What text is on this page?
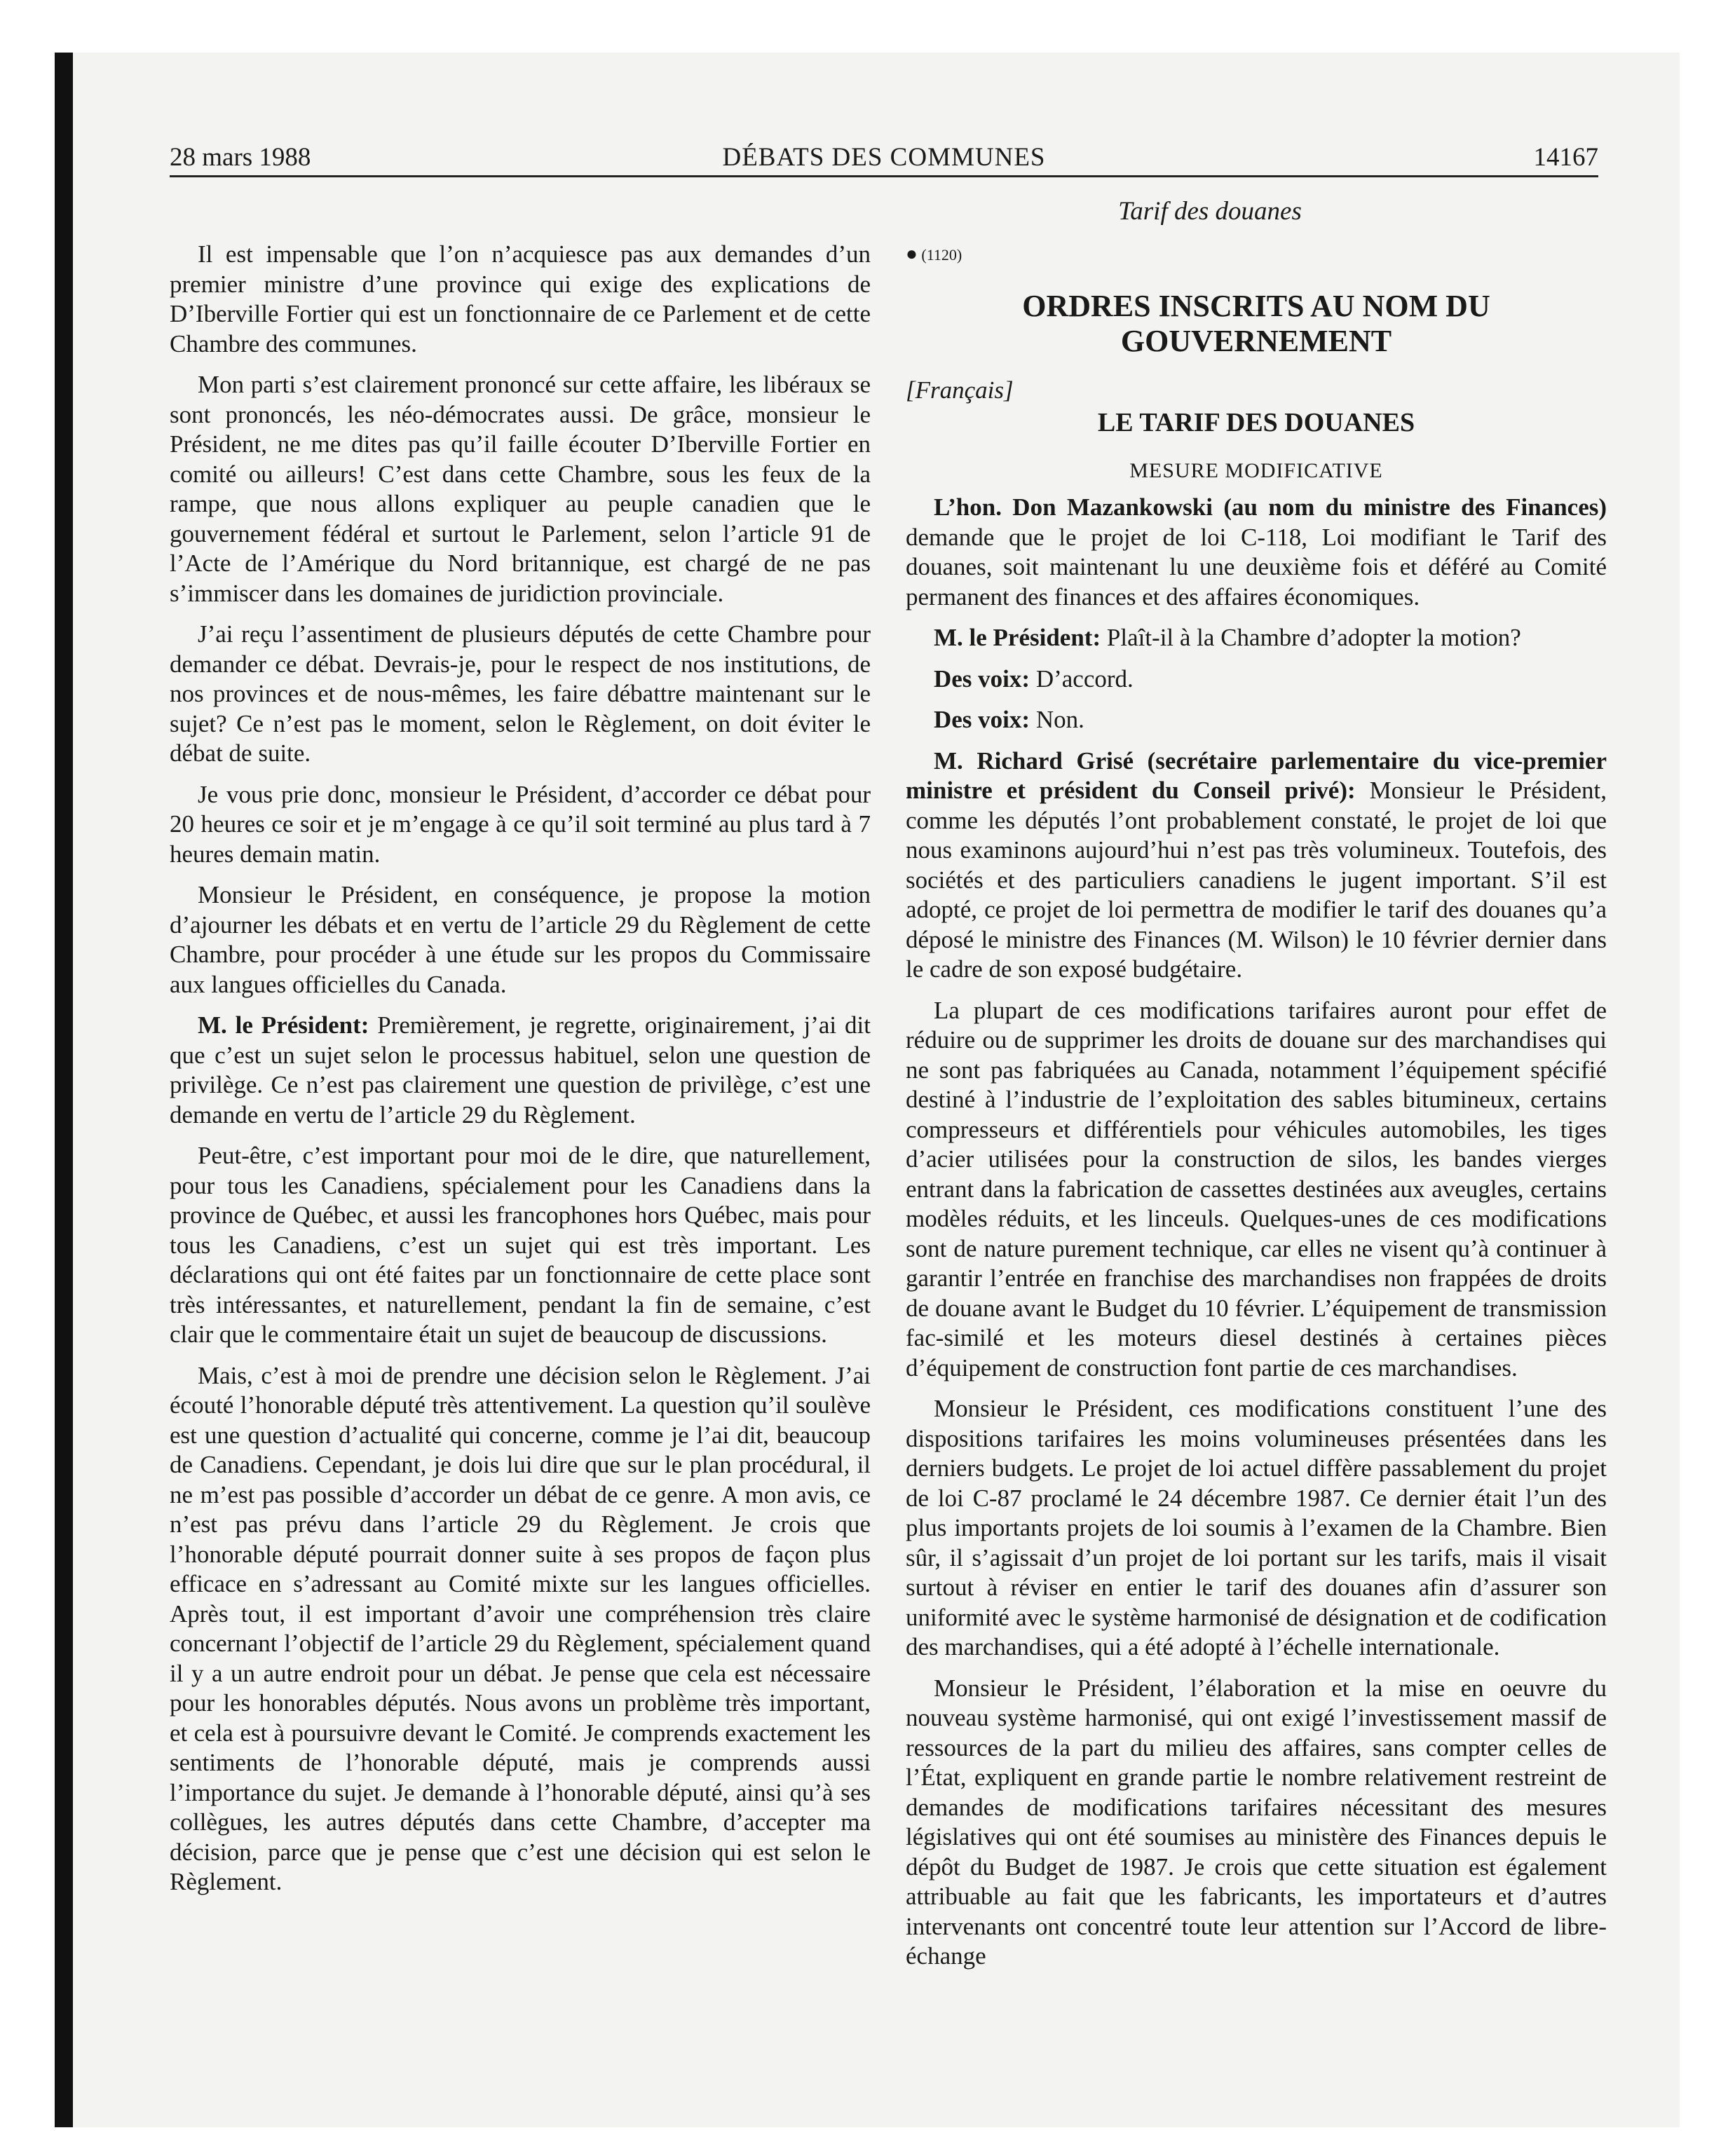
28 mars 1988	DÉBATS DES COMMUNES	14167
Tarif des douanes

Il est impensable que l’on n’acquiesce pas aux demandes d’un premier ministre d’une province qui exige des explications de D’Iberville Fortier qui est un fonctionnaire de ce Parlement et de cette Chambre des communes.

Mon parti s’est clairement prononcé sur cette affaire, les libéraux se sont prononcés, les néo-démocrates aussi. De grâce, monsieur le Président, ne me dites pas qu’il faille écouter D’Iberville Fortier en comité ou ailleurs! C’est dans cette Chambre, sous les feux de la rampe, que nous allons expliquer au peuple canadien que le gouvernement fédéral et surtout le Parlement, selon l’article 91 de l’Acte de l’Amérique du Nord britannique, est chargé de ne pas s’immiscer dans les domaines de juridiction provinciale.

J’ai reçu l’assentiment de plusieurs députés de cette Chambre pour demander ce débat. Devrais-je, pour le respect de nos institutions, de nos provinces et de nous-mêmes, les faire débattre maintenant sur le sujet? Ce n’est pas le moment, selon le Règlement, on doit éviter le débat de suite.

Je vous prie donc, monsieur le Président, d’accorder ce débat pour 20 heures ce soir et je m’engage à ce qu’il soit terminé au plus tard à 7 heures demain matin.

Monsieur le Président, en conséquence, je propose la motion d’ajourner les débats et en vertu de l’article 29 du Règlement de cette Chambre, pour procéder à une étude sur les propos du Commissaire aux langues officielles du Canada.

M. le Président: Premièrement, je regrette, originairement, j’ai dit que c’est un sujet selon le processus habituel, selon une question de privilège. Ce n’est pas clairement une question de privilège, c’est une demande en vertu de l’article 29 du Règlement.

Peut-être, c’est important pour moi de le dire, que naturellement, pour tous les Canadiens, spécialement pour les Canadiens dans la province de Québec, et aussi les francophones hors Québec, mais pour tous les Canadiens, c’est un sujet qui est très important. Les déclarations qui ont été faites par un fonctionnaire de cette place sont très intéressantes, et naturellement, pendant la fin de semaine, c’est clair que le commentaire était un sujet de beaucoup de discussions.

Mais, c’est à moi de prendre une décision selon le Règlement. J’ai écouté l’honorable député très attentivement. La question qu’il soulève est une question d’actualité qui concerne, comme je l’ai dit, beaucoup de Canadiens. Cependant, je dois lui dire que sur le plan procédural, il ne m’est pas possible d’accorder un débat de ce genre. A mon avis, ce n’est pas prévu dans l’article 29 du Règlement. Je crois que l’honorable député pourrait donner suite à ses propos de façon plus efficace en s’adressant au Comité mixte sur les langues officielles. Après tout, il est important d’avoir une compréhension très claire concernant l’objectif de l’article 29 du Règlement, spécialement quand il y a un autre endroit pour un débat. Je pense que cela est nécessaire pour les honorables députés. Nous avons un problème très important, et cela est à poursuivre devant le Comité. Je comprends exactement les sentiments de l’honorable député, mais je comprends aussi l’importance du sujet. Je demande à l’honorable député, ainsi qu’à ses collègues, les autres députés dans cette Chambre, d’accepter ma décision, parce que je pense que c’est une décision qui est selon le Règlement.

● (1120)
ORDRES INSCRITS AU NOM DU GOUVERNEMENT
[Français]
LE TARIF DES DOUANES
MESURE MODIFICATIVE

L’hon. Don Mazankowski (au nom du ministre des Finances) demande que le projet de loi C-118, Loi modifiant le Tarif des douanes, soit maintenant lu une deuxième fois et déféré au Comité permanent des finances et des affaires économiques.

M. le Président: Plaît-il à la Chambre d’adopter la motion?

Des voix: D’accord.

Des voix: Non.

M. Richard Grisé (secrétaire parlementaire du vice-premier ministre et président du Conseil privé): Monsieur le Président, comme les députés l’ont probablement constaté, le projet de loi que nous examinons aujourd’hui n’est pas très volumineux. Toutefois, des sociétés et des particuliers canadiens le jugent important. S’il est adopté, ce projet de loi permettra de modifier le tarif des douanes qu’a déposé le ministre des Finances (M. Wilson) le 10 février dernier dans le cadre de son exposé budgétaire.

La plupart de ces modifications tarifaires auront pour effet de réduire ou de supprimer les droits de douane sur des marchandises qui ne sont pas fabriquées au Canada, notamment l’équipement spécifié destiné à l’industrie de l’exploitation des sables bitumineux, certains compresseurs et différentiels pour véhicules automobiles, les tiges d’acier utilisées pour la construction de silos, les bandes vierges entrant dans la fabrication de cassettes destinées aux aveugles, certains modèles réduits, et les linceuls. Quelques-unes de ces modifications sont de nature purement technique, car elles ne visent qu’à continuer à garantir l’entrée en franchise des marchandises non frappées de droits de douane avant le Budget du 10 février. L’équipement de transmission fac-similé et les moteurs diesel destinés à certaines pièces d’équipement de construction font partie de ces marchandises.

Monsieur le Président, ces modifications constituent l’une des dispositions tarifaires les moins volumineuses présentées dans les derniers budgets. Le projet de loi actuel diffère passablement du projet de loi C-87 proclamé le 24 décembre 1987. Ce dernier était l’un des plus importants projets de loi soumis à l’examen de la Chambre. Bien sûr, il s’agissait d’un projet de loi portant sur les tarifs, mais il visait surtout à réviser en entier le tarif des douanes afin d’assurer son uniformité avec le système harmonisé de désignation et de codification des marchandises, qui a été adopté à l’échelle internationale.

Monsieur le Président, l’élaboration et la mise en oeuvre du nouveau système harmonisé, qui ont exigé l’investissement massif de ressources de la part du milieu des affaires, sans compter celles de l’État, expliquent en grande partie le nombre relativement restreint de demandes de modifications tarifaires nécessitant des mesures législatives qui ont été soumises au ministère des Finances depuis le dépôt du Budget de 1987. Je crois que cette situation est également attribuable au fait que les fabricants, les importateurs et d’autres intervenants ont concentré toute leur attention sur l’Accord de libre-échange
